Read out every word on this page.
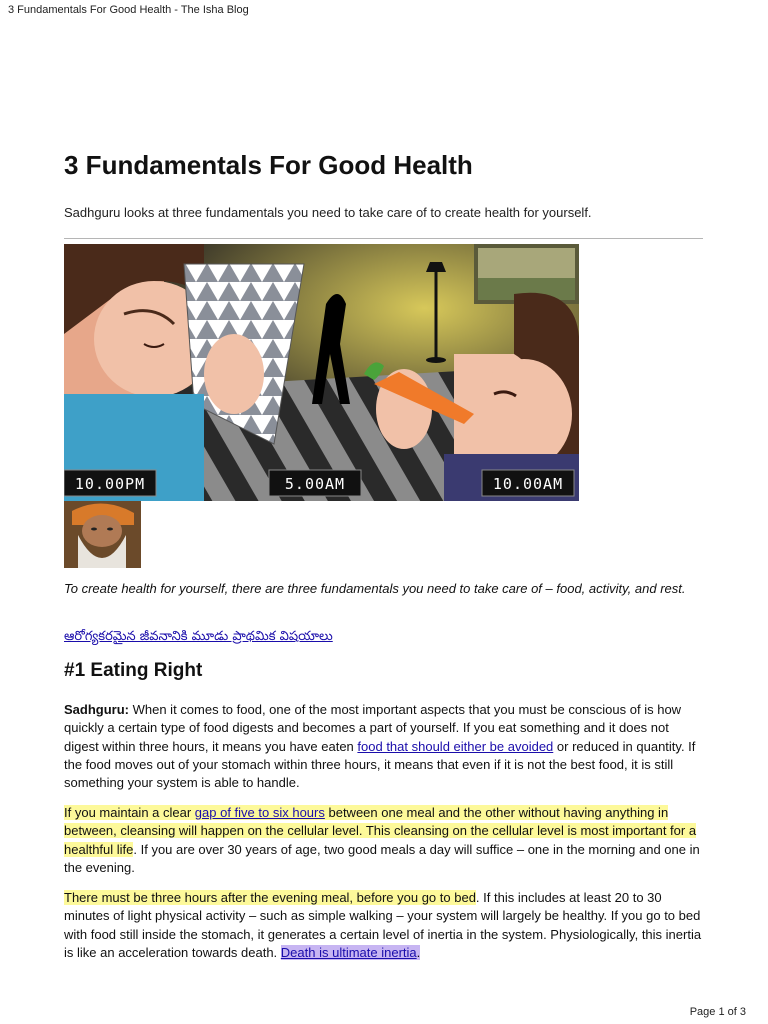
3 Fundamentals For Good Health - The Isha Blog
3 Fundamentals For Good Health
Sadhguru looks at three fundamentals you need to take care of to create health for yourself.
10.00PM	5.00AM	10.00AM
To create health for yourself, there are three fundamentals you need to take care of – food, activity, and rest.
ఆరోగ్యకరమైన జీవనానికి మూడు ప్రాథమిక విషయాలు
#1 Eating Right

Sadhguru: When it comes to food, one of the most important aspects that you must be conscious of is how quickly a certain type of food digests and becomes a part of yourself. If you eat something and it does not digest within three hours, it means you have eaten food that should either be avoided or reduced in quantity. If the food moves out of your stomach within three hours, it means that even if it is not the best food, it is still something your system is able to handle.

If you maintain a clear gap of five to six hours between one meal and the other without having anything in between, cleansing will happen on the cellular level. This cleansing on the cellular level is most important for a healthful life. If you are over 30 years of age, two good meals a day will suffice – one in the morning and one in the evening.

There must be three hours after the evening meal, before you go to bed. If this includes at least 20 to 30 minutes of light physical activity – such as simple walking – your system will largely be healthy. If you go to bed with food still inside the stomach, it generates a certain level of inertia in the system. Physiologically, this inertia is like an acceleration towards death. Death is ultimate inertia.

Page 1 of 3
